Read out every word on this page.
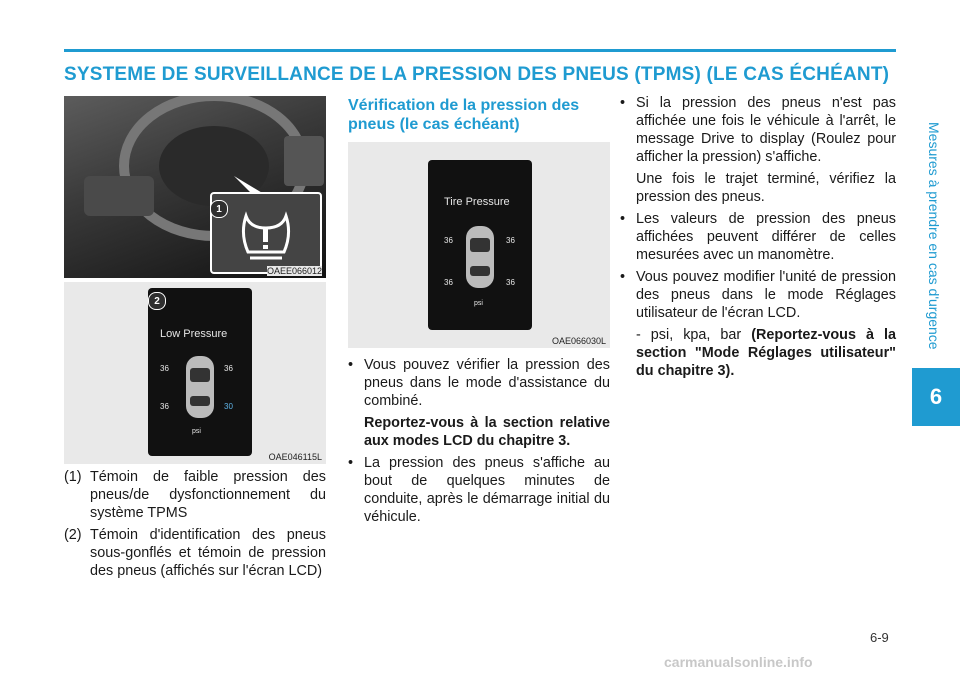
SYSTEME DE SURVEILLANCE DE LA PRESSION DES PNEUS (TPMS) (LE CAS ÉCHÉANT)
Mesures à prendre en cas d'urgence
6
1
OAEE066012
2
Low Pressure
36	36
36	30
psi
OAE046115L
(1) Témoin de faible pression des pneus/de dysfonctionnement du système TPMS
(2) Témoin d'identification des pneus sous-gonflés et témoin de pression des pneus (affichés sur l'écran LCD)
Vérification de la pression des pneus (le cas échéant)
Tire Pressure
36	36
36	36
psi
OAE066030L
• Vous pouvez vérifier la pression des pneus dans le mode d'assistance du combiné.
Reportez-vous à la section relative aux modes LCD du chapitre 3.
• La pression des pneus s'affiche au bout de quelques minutes de conduite, après le démarrage initial du véhicule.
• Si la pression des pneus n'est pas affichée une fois le véhicule à l'arrêt, le message Drive to display (Roulez pour afficher la pression) s'affiche.
Une fois le trajet terminé, vérifiez la pression des pneus.
• Les valeurs de pression des pneus affichées peuvent différer de celles mesurées avec un manomètre.
• Vous pouvez modifier l'unité de pression des pneus dans le mode Réglages utilisateur de l'écran LCD.
- psi, kpa, bar (Reportez-vous à la section "Mode Réglages utilisateur" du chapitre 3).
6-9
carmanualsonline.info
